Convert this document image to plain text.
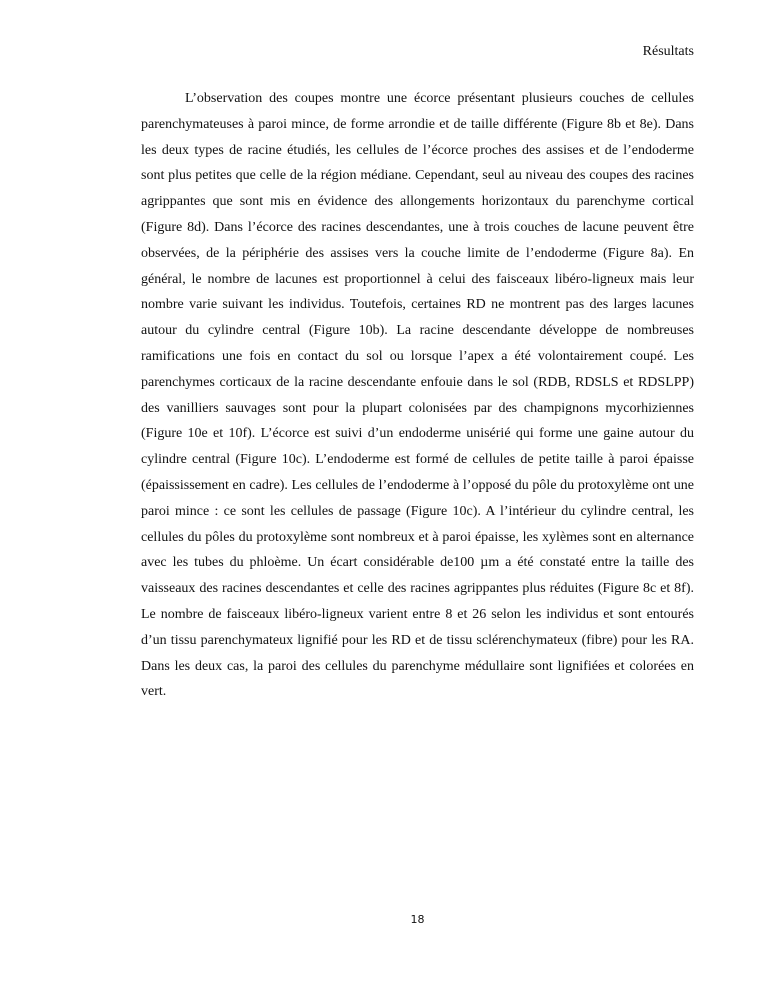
Résultats

L’observation des coupes montre une écorce présentant plusieurs couches de cellules parenchymateuses à paroi mince, de forme arrondie et de taille différente (Figure 8b et 8e). Dans les deux types de racine étudiés, les cellules de l’écorce proches des assises et de l’endoderme sont plus petites que celle de la région médiane. Cependant, seul au niveau des coupes des racines agrippantes que sont mis en évidence des allongements horizontaux du parenchyme cortical (Figure 8d). Dans l’écorce des racines descendantes, une à trois couches de lacune peuvent être observées, de la périphérie des assises vers la couche limite de l’endoderme (Figure 8a). En général, le nombre de lacunes est proportionnel à celui des faisceaux libéro-ligneux mais leur nombre varie suivant les individus. Toutefois, certaines RD ne montrent pas des larges lacunes autour du cylindre central (Figure 10b). La racine descendante développe de nombreuses ramifications une fois en contact du sol ou lorsque l’apex a été volontairement coupé. Les parenchymes corticaux de la racine descendante enfouie dans le sol (RDB, RDSLS et RDSLPP) des vanilliers sauvages sont pour la plupart colonisées par des champignons mycorhiziennes (Figure 10e et 10f). L’écorce est suivi d’un endoderme unisérié qui forme une gaine autour du cylindre central (Figure 10c). L’endoderme est formé de cellules de petite taille à paroi épaisse (épaississement en cadre). Les cellules de l’endoderme à l’opposé du pôle du protoxylème ont une paroi mince : ce sont les cellules de passage (Figure 10c). A l’intérieur du cylindre central, les cellules du pôles du protoxylème sont nombreux et à paroi épaisse, les xylèmes sont en alternance avec les tubes du phloème. Un écart considérable de100 µm a été constaté entre la taille des vaisseaux des racines descendantes et celle des racines agrippantes plus réduites (Figure 8c et 8f). Le nombre de faisceaux libéro-ligneux varient entre 8 et 26 selon les individus et sont entourés d’un tissu parenchymateux lignifié pour les RD et de tissu sclérenchymateux (fibre) pour les RA. Dans les deux cas, la paroi des cellules du parenchyme médullaire sont lignifiées et colorées en vert.

18
